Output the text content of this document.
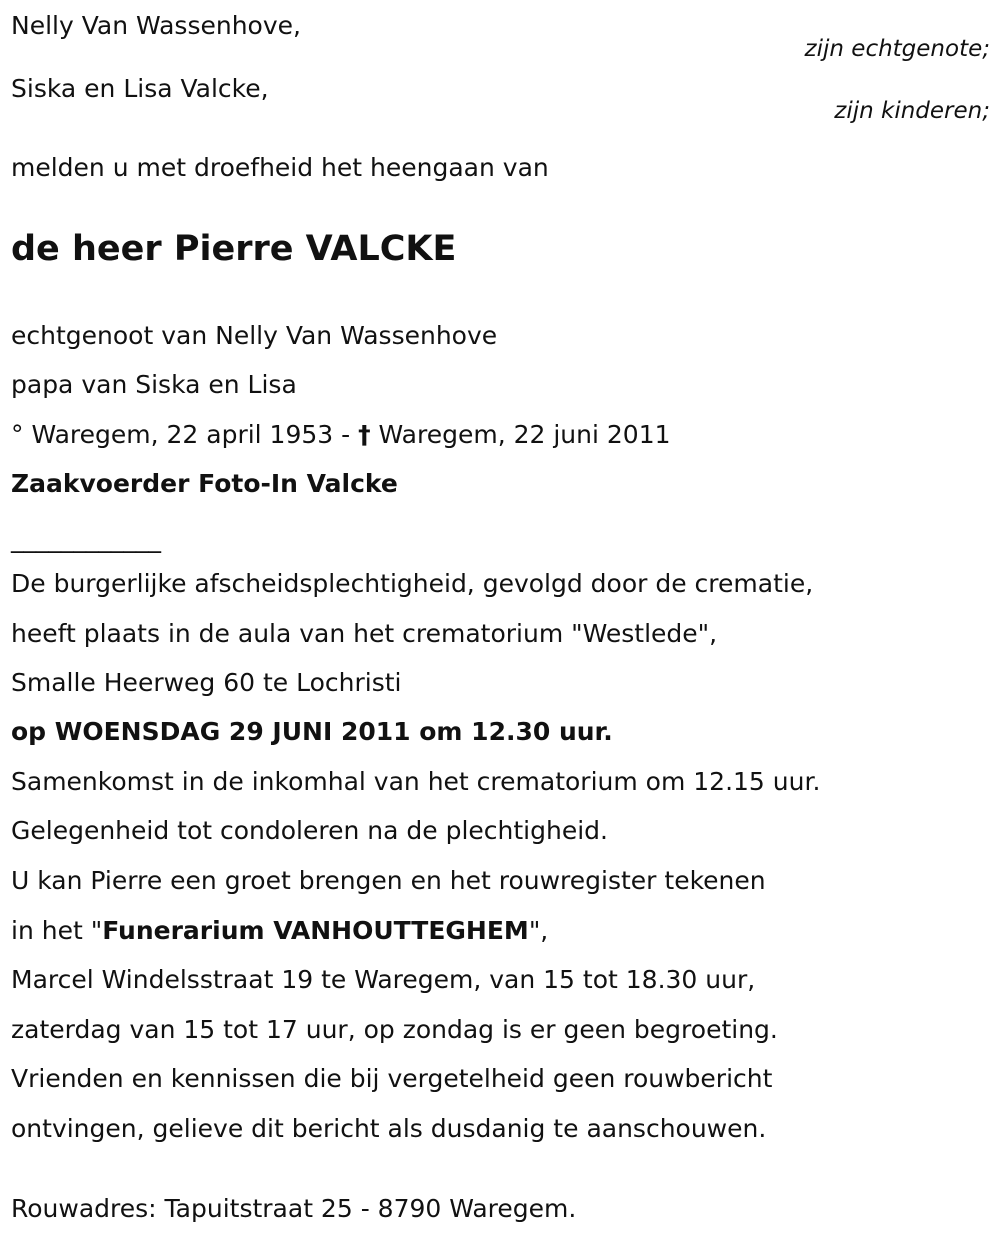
Nelly Van Wassenhove,
zijn echtgenote;
Siska en Lisa Valcke,
zijn kinderen;
melden u met droefheid het heengaan van
de heer Pierre VALCKE
echtgenoot van Nelly Van Wassenhove
papa van Siska en Lisa
° Waregem, 22 april 1953 - † Waregem, 22 juni 2011
Zaakvoerder Foto-In Valcke
____________
De burgerlijke afscheidsplechtigheid, gevolgd door de crematie,
heeft plaats in de aula van het crematorium "Westlede",
Smalle Heerweg 60 te Lochristi
op WOENSDAG 29 JUNI 2011 om 12.30 uur.
Samenkomst in de inkomhal van het crematorium om 12.15 uur.
Gelegenheid tot condoleren na de plechtigheid.
U kan Pierre een groet brengen en het rouwregister tekenen
in het "Funerarium VANHOUTTEGHEM",
Marcel Windelsstraat 19 te Waregem, van 15 tot 18.30 uur,
zaterdag van 15 tot 17 uur, op zondag is er geen begroeting.
Vrienden en kennissen die bij vergetelheid geen rouwbericht
ontvingen, gelieve dit bericht als dusdanig te aanschouwen.
Rouwadres: Tapuitstraat 25 - 8790 Waregem.
